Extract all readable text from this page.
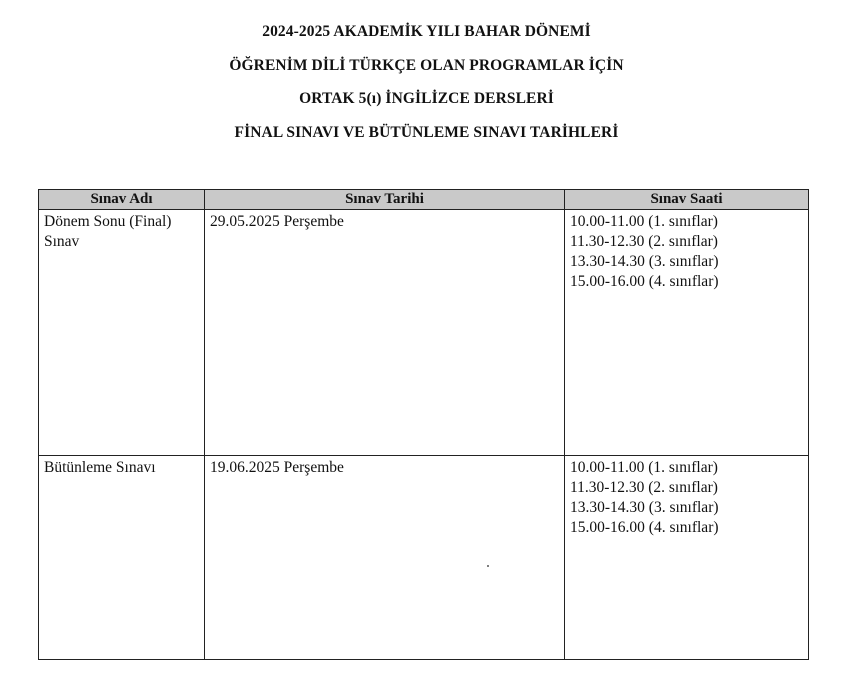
2024-2025 AKADEMİK YILI BAHAR DÖNEMİ
ÖĞRENİM DİLİ TÜRKÇE OLAN PROGRAMLAR İÇİN
ORTAK 5(ı) İNGİLİZCE DERSLERİ
FİNAL SINAVI VE BÜTÜNLEME SINAVI TARİHLERİ
Sınav Adı	Sınav Tarihi	Sınav Saati
Dönem Sonu (Final) Sınav	29.05.2025 Perşembe	10.00-11.00 (1. sınıflar)
11.30-12.30 (2. sınıflar)
13.30-14.30 (3. sınıflar)
15.00-16.00 (4. sınıflar)

Bütünleme Sınavı	19.06.2025 Perşembe	10.00-11.00 (1. sınıflar)
11.30-12.30 (2. sınıflar)
13.30-14.30 (3. sınıflar)
15.00-16.00 (4. sınıflar)
